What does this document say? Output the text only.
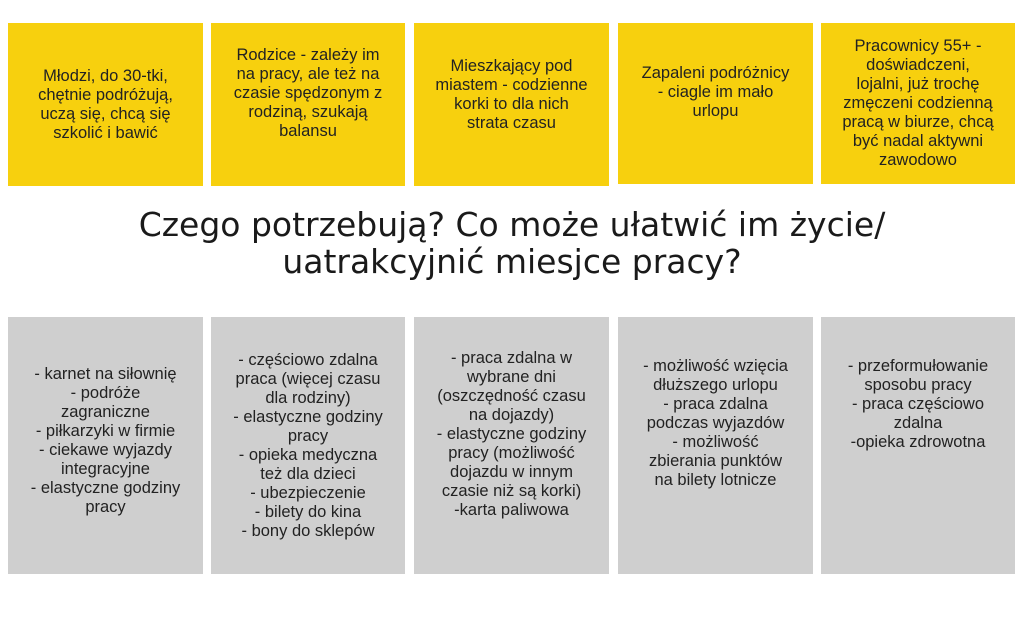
Młodzi, do 30-tki,
chętnie podróżują,
uczą się, chcą się
szkolić i bawić
Rodzice - zależy im
na pracy, ale też na
czasie spędzonym z
rodziną, szukają
balansu
Mieszkający pod
miastem - codzienne
korki to dla nich
strata czasu
Zapaleni podróżnicy
- ciagle im mało
urlopu
Pracownicy 55+ -
doświadczeni,
lojalni, już trochę
zmęczeni codzienną
pracą w biurze, chcą
być nadal aktywni
zawodowo
Czego potrzebują? Co może ułatwić im życie/
uatrakcyjnić miesjce pracy?
- karnet na siłownię
- podróże
zagraniczne
- piłkarzyki w firmie
- ciekawe wyjazdy
integracyjne
- elastyczne godziny
pracy
- częściowo zdalna
praca (więcej czasu
dla rodziny)
- elastyczne godziny
pracy
- opieka medyczna
też dla dzieci
- ubezpieczenie
- bilety do kina
- bony do sklepów
- praca zdalna w
wybrane dni
(oszczędność czasu
na dojazdy)
- elastyczne godziny
pracy (możliwość
dojazdu w innym
czasie niż są korki)
-karta paliwowa
- możliwość wzięcia
dłuższego urlopu
- praca zdalna
podczas wyjazdów
- możliwość
zbierania punktów
na bilety lotnicze
- przeformułowanie
sposobu pracy
- praca częściowo
zdalna
-opieka zdrowotna
